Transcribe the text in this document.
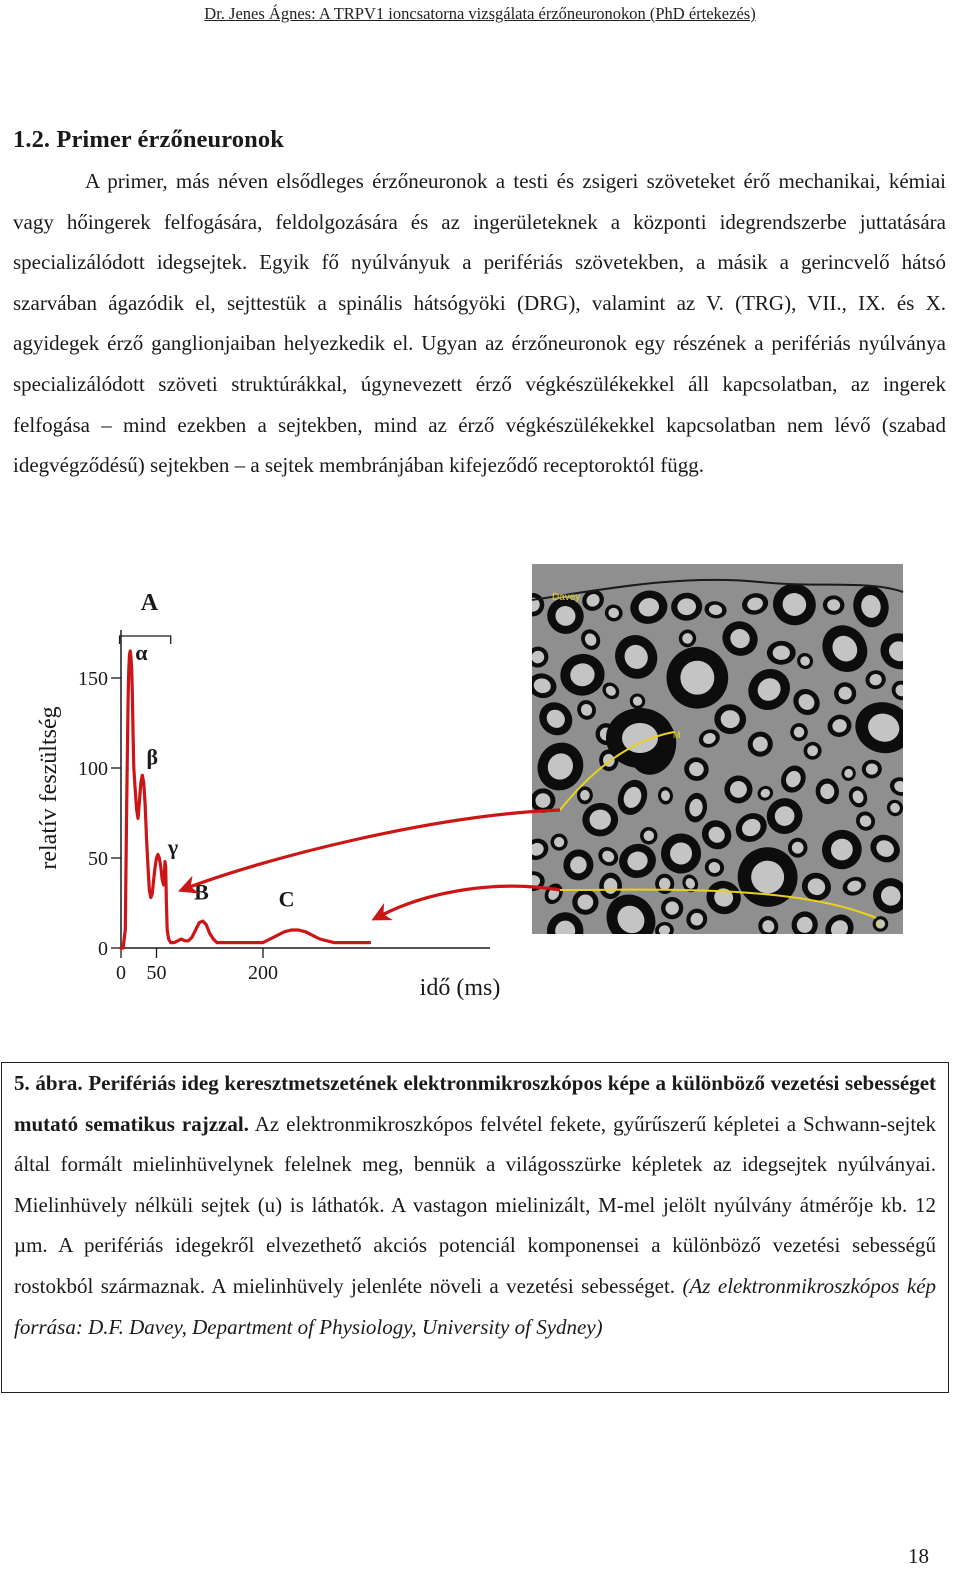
Dr. Jenes Ágnes: A TRPV1 ioncsatorna vizsgálata érzőneuronokon (PhD értekezés)
1.2. Primer érzőneuronok

A primer, más néven elsődleges érzőneuronok a testi és zsigeri szöveteket érő mechanikai, kémiai vagy hőingerek felfogására, feldolgozására és az ingerületeknek a központi idegrendszerbe juttatására specializálódott idegsejtek. Egyik fő nyúlványuk a perifériás szövetekben, a másik a gerincvelő hátsó szarvában ágazódik el, sejttestük a spinális hátsógyöki (DRG), valamint az V. (TRG), VII., IX. és X. agyidegek érző ganglionjaiban helyezkedik el. Ugyan az érzőneuronok egy részének a perifériás nyúlványa specializálódott szöveti struktúrákkal, úgynevezett érző végkészülékekkel áll kapcsolatban, az ingerek felfogása – mind ezekben a sejtekben, mind az érző végkészülékekkel kapcsolatban nem lévő (szabad idegvégződésű) sejtekben – a sejtek membránjában kifejeződő receptoroktól függ.

Davey
M
u
0 50	200
0
50
100
150
A
α
β
γ
B	C
relatív feszültség
idő (ms)

5. ábra. Perifériás ideg keresztmetszetének elektronmikroszkópos képe a különböző vezetési sebességet mutató sematikus rajzzal. Az elektronmikroszkópos felvétel fekete, gyűrűszerű képletei a Schwann-sejtek által formált mielinhüvelynek felelnek meg, bennük a világosszürke képletek az idegsejtek nyúlványai. Mielinhüvely nélküli sejtek (u) is láthatók. A vastagon mielinizált, M-mel jelölt nyúlvány átmérője kb. 12 µm. A perifériás idegekről elvezethető akciós potenciál komponensei a különböző vezetési sebességű rostokból származnak. A mielinhüvely jelenléte növeli a vezetési sebességet. (Az elektronmikroszkópos kép forrása: D.F. Davey, Department of Physiology, University of Sydney)

18
